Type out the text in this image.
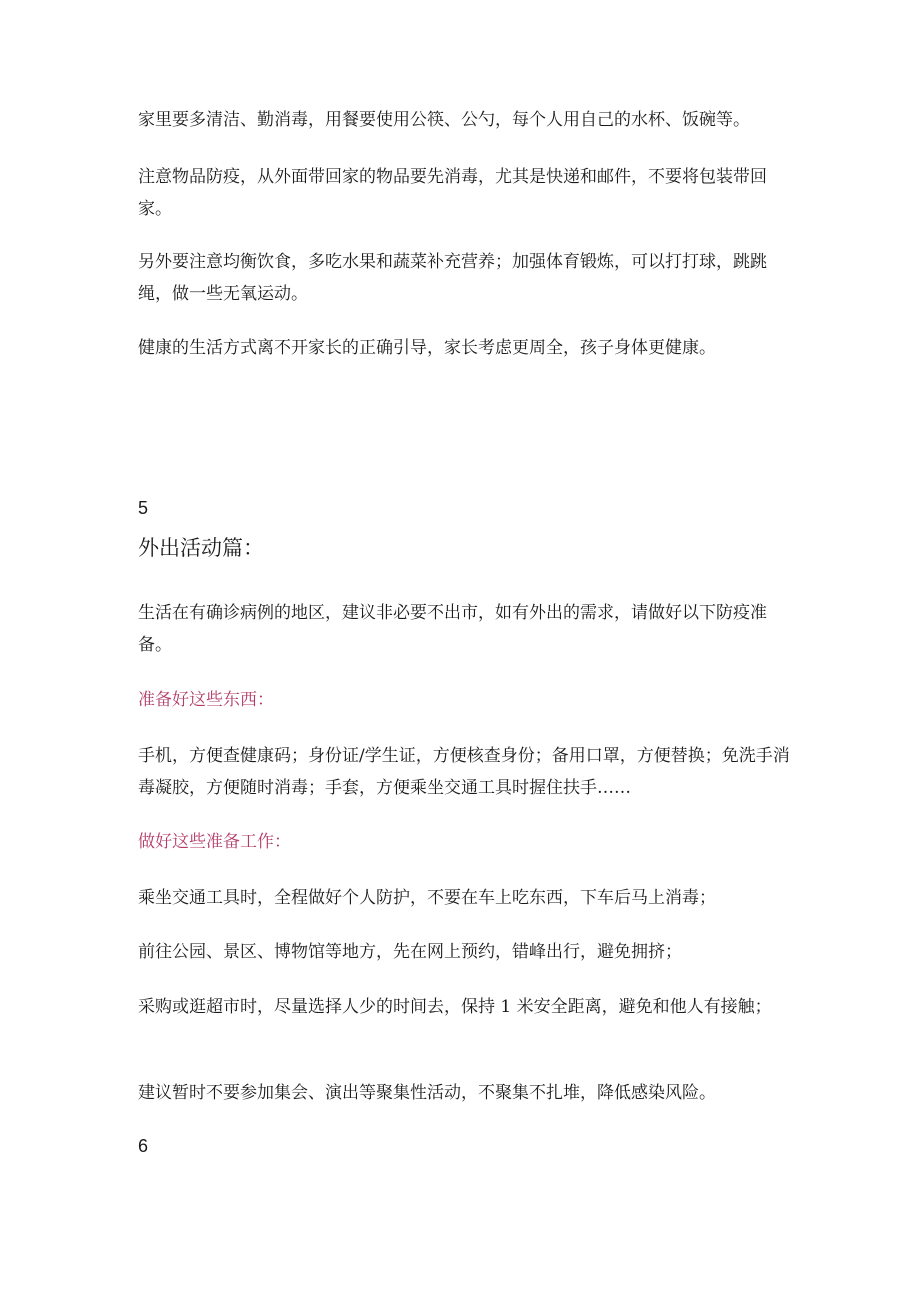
家里要多清洁、勤消毒，用餐要使用公筷、公勺，每个人用自己的水杯、饭碗等。

注意物品防疫，从外面带回家的物品要先消毒，尤其是快递和邮件，不要将包装带回家。

另外要注意均衡饮食，多吃水果和蔬菜补充营养；加强体育锻炼，可以打打球，跳跳绳，做一些无氧运动。

健康的生活方式离不开家长的正确引导，家长考虑更周全，孩子身体更健康。

5
外出活动篇：

生活在有确诊病例的地区，建议非必要不出市，如有外出的需求，请做好以下防疫准备。

准备好这些东西：

手机，方便查健康码；身份证/学生证，方便核查身份；备用口罩，方便替换；免洗手消毒凝胶，方便随时消毒；手套，方便乘坐交通工具时握住扶手……

做好这些准备工作：

乘坐交通工具时，全程做好个人防护，不要在车上吃东西，下车后马上消毒；

前往公园、景区、博物馆等地方，先在网上预约，错峰出行，避免拥挤；

采购或逛超市时，尽量选择人少的时间去，保持 1 米安全距离，避免和他人有接触；

建议暂时不要参加集会、演出等聚集性活动，不聚集不扎堆，降低感染风险。

6
